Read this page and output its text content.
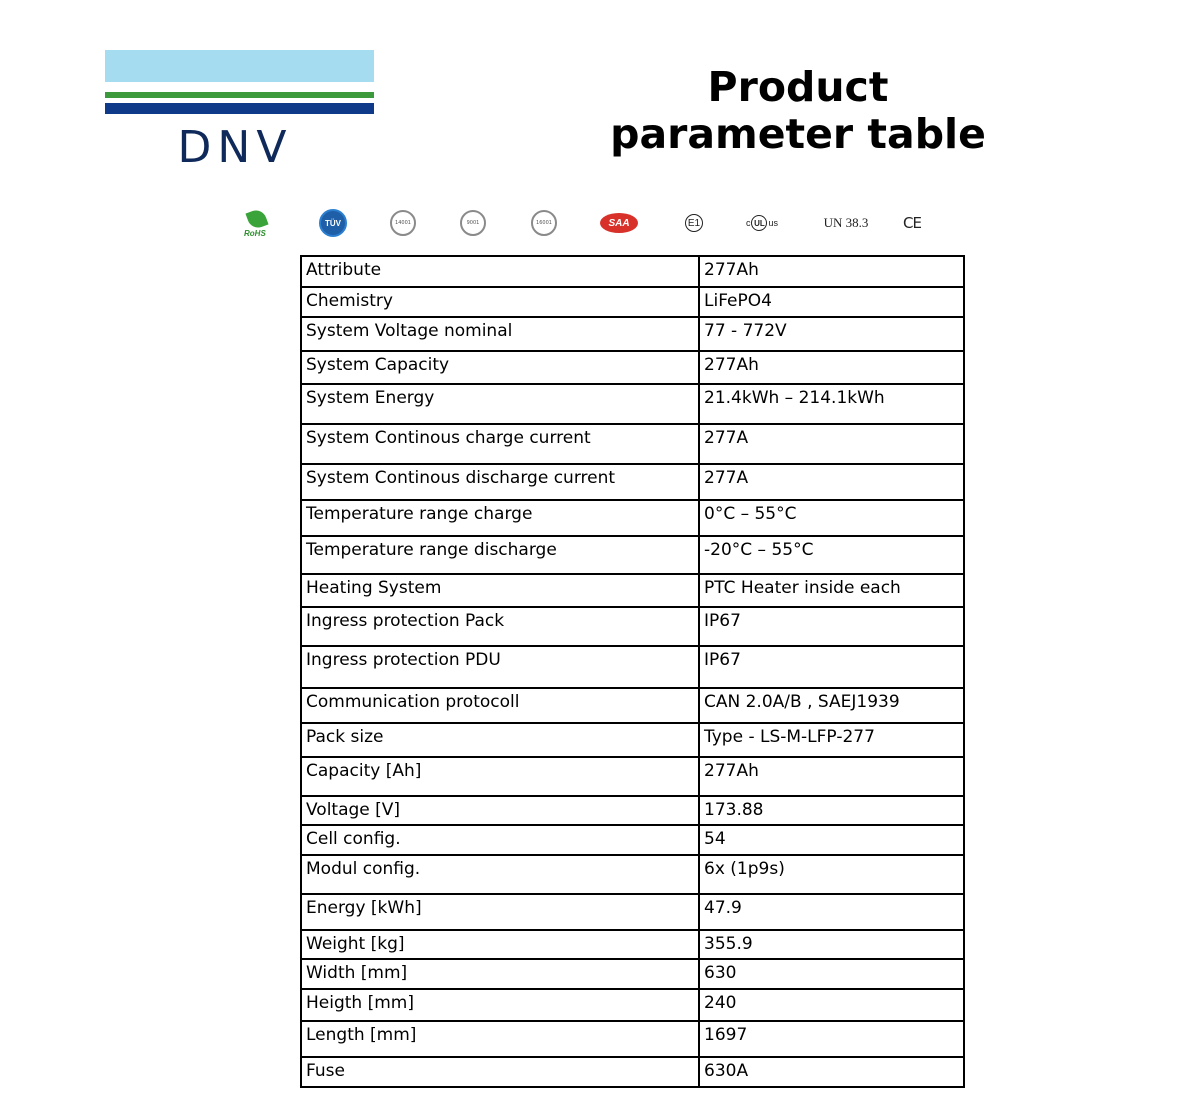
DNV
Product
parameter table
RoHS
TÜV	14001	9001	16001	SAA	E1	c UL us	UN 38.3 CE
Attribute	277Ah
Chemistry	LiFePO4
System Voltage nominal	77 - 772V
System Capacity	277Ah
System Energy	21.4kWh – 214.1kWh
System Continous charge current	277A
System Continous discharge current	277A
Temperature range charge	0°C – 55°C
Temperature range discharge	-20°C – 55°C
Heating System	PTC Heater inside each
Ingress protection Pack	IP67
Ingress protection PDU	IP67
Communication protocoll	CAN 2.0A/B , SAEJ1939
Pack size	Type - LS-M-LFP-277
Capacity [Ah]	277Ah
Voltage [V]	173.88
Cell config.	54
Modul config.	6x (1p9s)
Energy [kWh]	47.9
Weight [kg]	355.9
Width [mm]	630
Heigth [mm]	240
Length [mm]	1697
Fuse	630A
